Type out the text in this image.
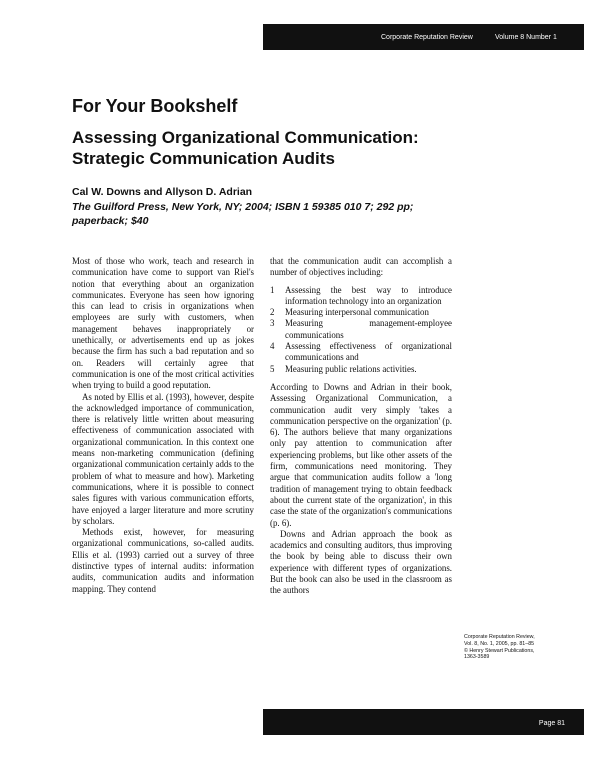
Corporate Reputation Review	Volume 8 Number 1
For Your Bookshelf
Assessing Organizational Communication:
Strategic Communication Audits
Cal W. Downs and Allyson D. Adrian
The Guilford Press, New York, NY; 2004; ISBN 1 59385 010 7; 292 pp;
paperback; $40

Most of those who work, teach and research in communication have come to support van Riel's notion that everything about an organization communicates. Everyone has seen how ignoring this can lead to crisis in organizations when employees are surly with customers, when management behaves inappropriately or unethically, or advertisements end up as jokes because the firm has such a bad reputation and so on. Readers will certainly agree that communication is one of the most critical activities when trying to build a good reputation.

As noted by Ellis et al. (1993), however, despite the acknowledged importance of communication, there is relatively little written about measuring effectiveness of communication associated with organizational communication. In this context one means non-marketing communication (defining organizational communication certainly adds to the problem of what to measure and how). Marketing communications, where it is possible to connect sales figures with various communication efforts, have enjoyed a larger literature and more scrutiny by scholars.

Methods exist, however, for measuring organizational communications, so-called audits. Ellis et al. (1993) carried out a survey of three distinctive types of internal audits: information audits, communication audits and information mapping. They contend

that the communication audit can accomplish a number of objectives including:

1 Assessing the best way to introduce information technology into an organization
2 Measuring interpersonal communication
3 Measuring management-employee communications
4 Assessing effectiveness of organizational communications and
5 Measuring public relations activities.

According to Downs and Adrian in their book, Assessing Organizational Communication, a communication audit very simply 'takes a communication perspective on the organization' (p. 6). The authors believe that many organizations only pay attention to communication after experiencing problems, but like other assets of the firm, communications need monitoring. They argue that communication audits follow a 'long tradition of management trying to obtain feedback about the current state of the organization', in this case the state of the organization's communications (p. 6).

Downs and Adrian approach the book as academics and consulting auditors, thus improving the book by being able to discuss their own experience with different types of organizations. But the book can also be used in the classroom as the authors

Corporate Reputation Review,
Vol. 8, No. 1, 2005, pp. 81–85
© Henry Stewart Publications,
1363-3589
Page 81
